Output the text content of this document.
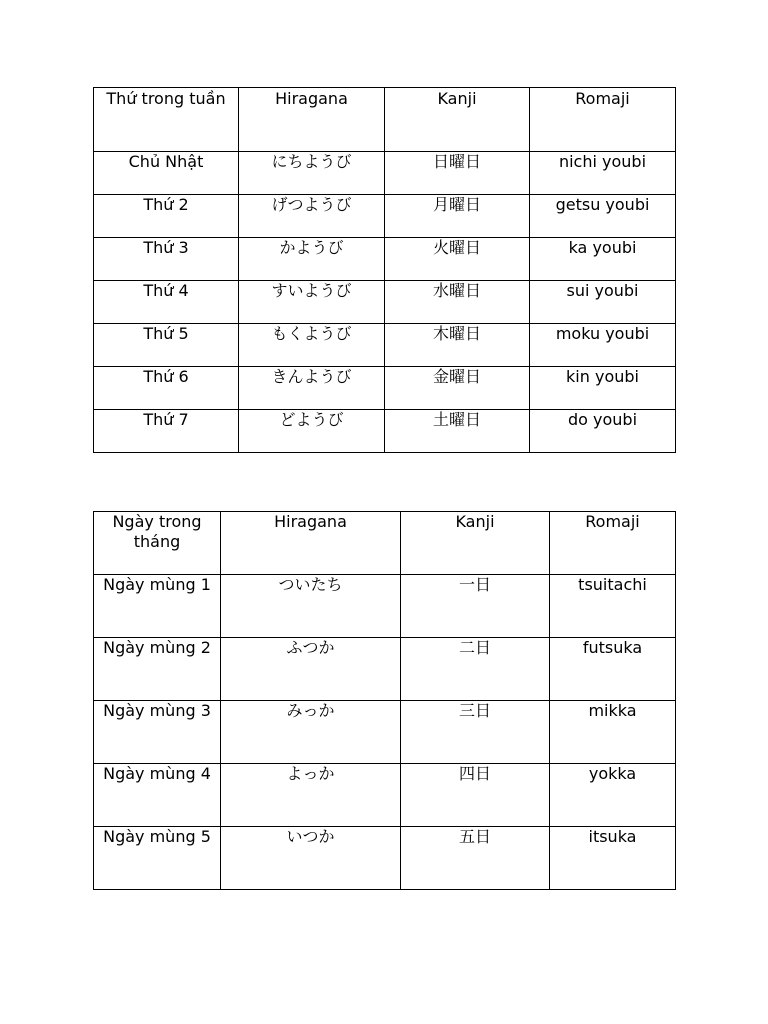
Thứ trong tuần	Hiragana	Kanji	Romaji
Chủ Nhật	にちようび	日曜日	nichi youbi
Thứ 2	げつようび	月曜日	getsu youbi
Thứ 3	かようび	火曜日	ka youbi
Thứ 4	すいようび	水曜日	sui youbi
Thứ 5	もくようび	木曜日	moku youbi
Thứ 6	きんようび	金曜日	kin youbi
Thứ 7	どようび	土曜日	do youbi
Ngày trong tháng	Hiragana	Kanji	Romaji
Ngày mùng 1	ついたち	一日	tsuitachi
Ngày mùng 2	ふつか	二日	futsuka
Ngày mùng 3	みっか	三日	mikka
Ngày mùng 4	よっか	四日	yokka
Ngày mùng 5	いつか	五日	itsuka
